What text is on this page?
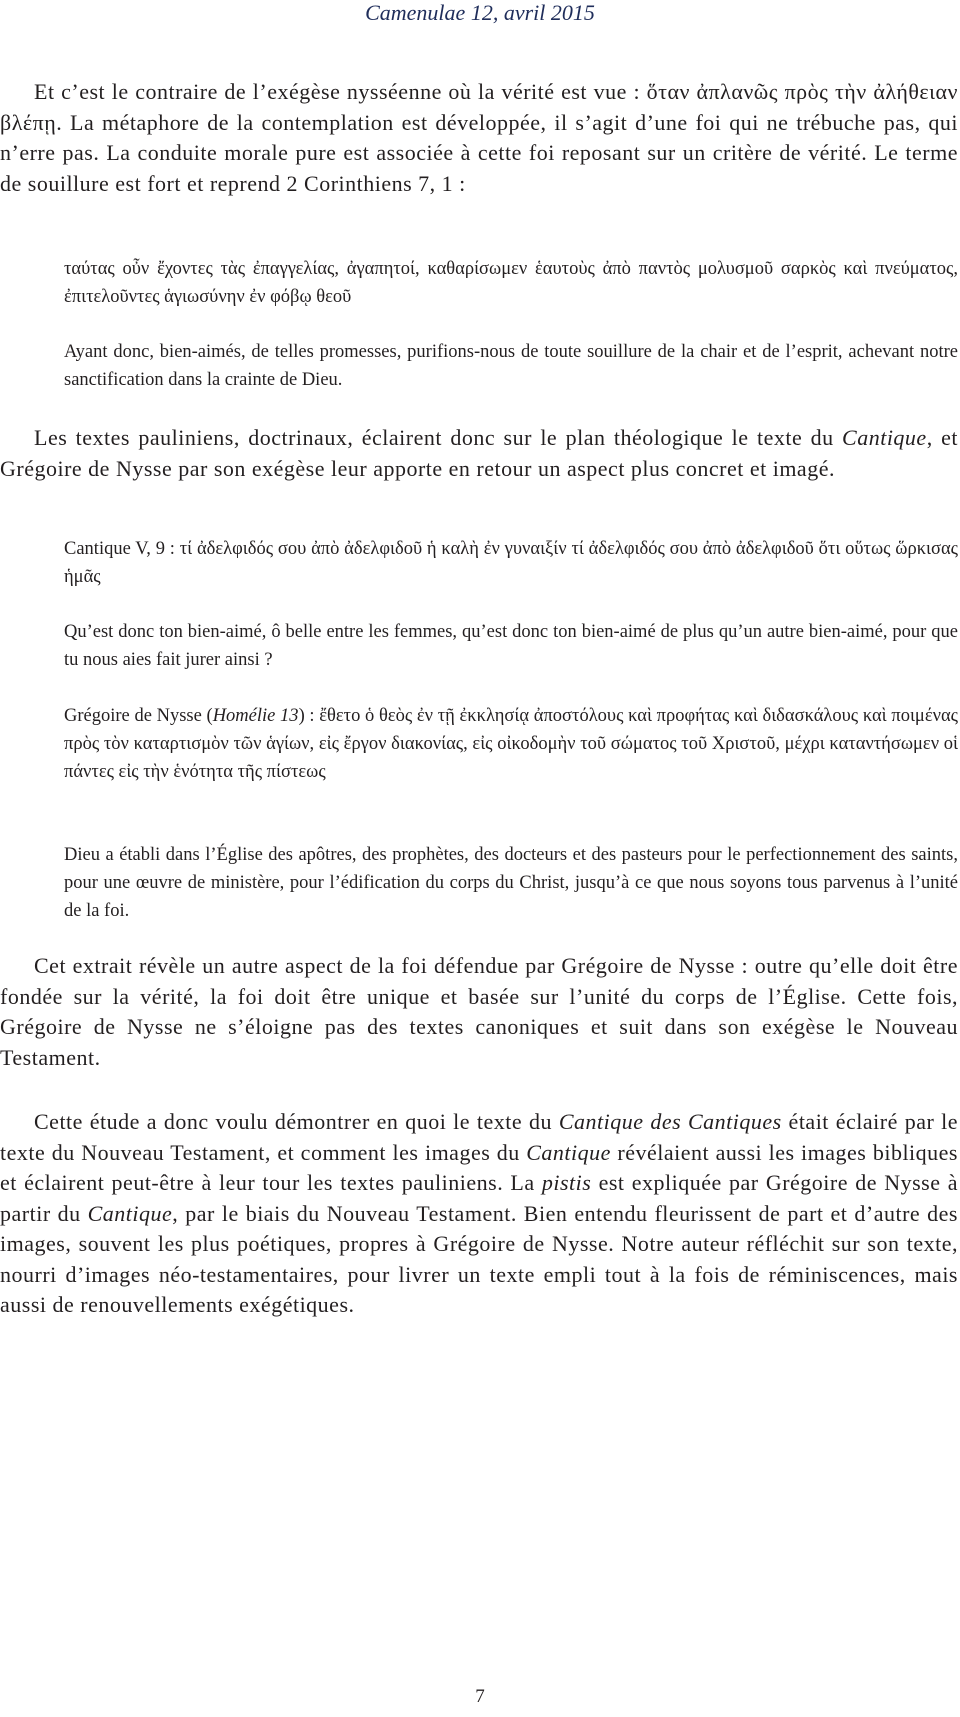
Camenulae 12, avril 2015

Et c’est le contraire de l’exégèse nysséenne où la vérité est vue : ὅταν ἀπλανῶς πρὸς τὴν ἀλήθειαν βλέπῃ. La métaphore de la contemplation est développée, il s’agit d’une foi qui ne trébuche pas, qui n’erre pas. La conduite morale pure est associée à cette foi reposant sur un critère de vérité. Le terme de souillure est fort et reprend 2 Corinthiens 7, 1 :

ταύτας οὖν ἔχοντες τὰς ἐπαγγελίας, ἀγαπητοί, καθαρίσωμεν ἑαυτοὺς ἀπὸ παντὸς μολυσμοῦ σαρκὸς καὶ πνεύματος, ἐπιτελοῦντες ἁγιωσύνην ἐν φόβῳ θεοῦ

Ayant donc, bien-aimés, de telles promesses, purifions-nous de toute souillure de la chair et de l’esprit, achevant notre sanctification dans la crainte de Dieu.

Les textes pauliniens, doctrinaux, éclairent donc sur le plan théologique le texte du Cantique, et Grégoire de Nysse par son exégèse leur apporte en retour un aspect plus concret et imagé.

Cantique V, 9 : τί ἀδελφιδός σου ἀπὸ ἀδελφιδοῦ ἡ καλὴ ἐν γυναιξίν τί ἀδελφιδός σου ἀπὸ ἀδελφιδοῦ ὅτι οὕτως ὥρκισας ἡμᾶς

Qu’est donc ton bien-aimé, ô belle entre les femmes, qu’est donc ton bien-aimé de plus qu’un autre bien-aimé, pour que tu nous aies fait jurer ainsi ?

Grégoire de Nysse (Homélie 13) : ἔθετο ὁ θεὸς ἐν τῇ ἐκκλησίᾳ ἀποστόλους καὶ προφήτας καὶ διδασκάλους καὶ ποιμένας πρὸς τὸν καταρτισμὸν τῶν ἁγίων, εἰς ἔργον διακονίας, εἰς οἰκοδομὴν τοῦ σώματος τοῦ Χριστοῦ, μέχρι καταντήσωμεν οἱ πάντες εἰς τὴν ἑνότητα τῆς πίστεως

Dieu a établi dans l’Église des apôtres, des prophètes, des docteurs et des pasteurs pour le perfectionnement des saints, pour une œuvre de ministère, pour l’édification du corps du Christ, jusqu’à ce que nous soyons tous parvenus à l’unité de la foi.

Cet extrait révèle un autre aspect de la foi défendue par Grégoire de Nysse : outre qu’elle doit être fondée sur la vérité, la foi doit être unique et basée sur l’unité du corps de l’Église. Cette fois, Grégoire de Nysse ne s’éloigne pas des textes canoniques et suit dans son exégèse le Nouveau Testament.

Cette étude a donc voulu démontrer en quoi le texte du Cantique des Cantiques était éclairé par le texte du Nouveau Testament, et comment les images du Cantique révélaient aussi les images bibliques et éclairent peut-être à leur tour les textes pauliniens. La pistis est expliquée par Grégoire de Nysse à partir du Cantique, par le biais du Nouveau Testament. Bien entendu fleurissent de part et d’autre des images, souvent les plus poétiques, propres à Grégoire de Nysse. Notre auteur réfléchit sur son texte, nourri d’images néo-testamentaires, pour livrer un texte empli tout à la fois de réminiscences, mais aussi de renouvellements exégétiques.

7
